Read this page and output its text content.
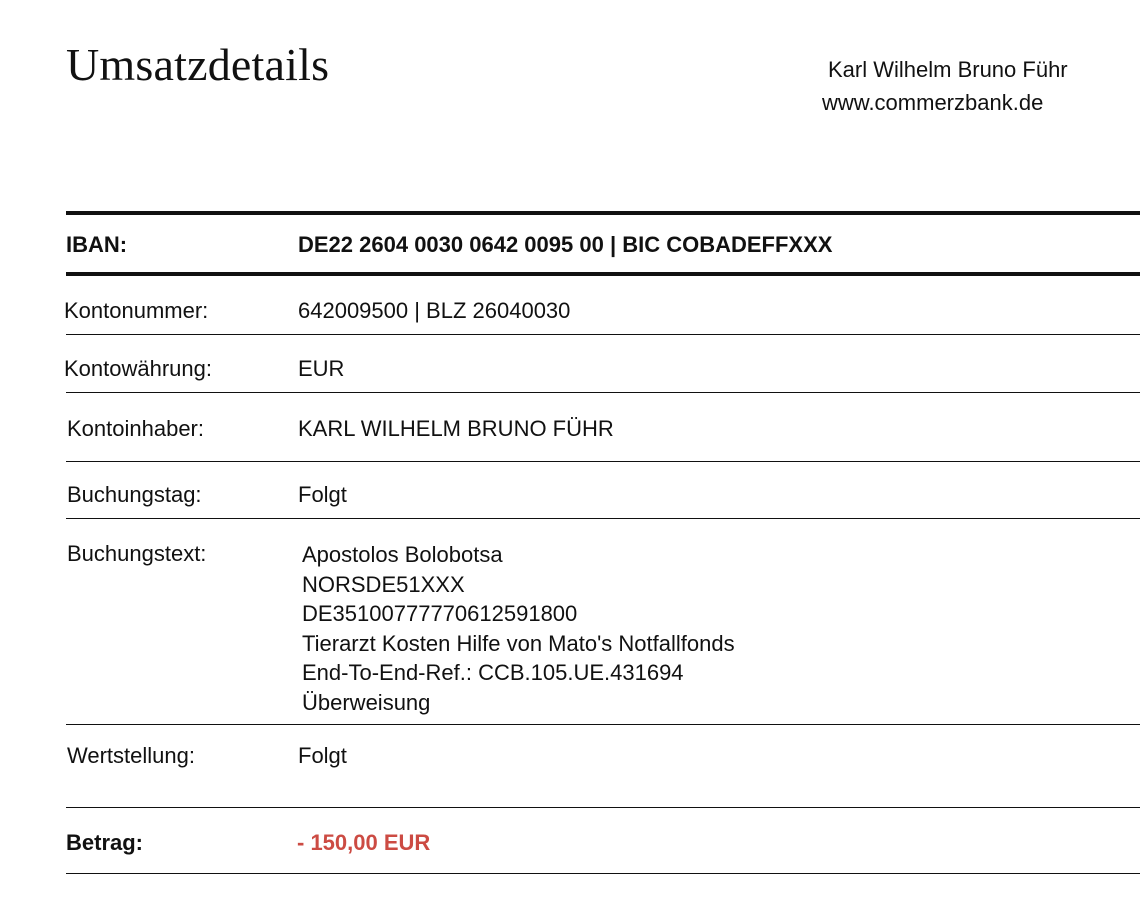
Umsatzdetails	Karl Wilhelm Bruno Führ
www.commerzbank.de
IBAN:	DE22 2604 0030 0642 0095 00 | BIC COBADEFFXXX
Kontonummer:	642009500 | BLZ 26040030
Kontowährung:	EUR
Kontoinhaber:	KARL WILHELM BRUNO FÜHR
Buchungstag:	Folgt
Buchungstext:	Apostolos Bolobotsa
NORSDE51XXX
DE35100777770612591800
Tierarzt Kosten Hilfe von Mato's Notfallfonds
End-To-End-Ref.: CCB.105.UE.431694
Überweisung
Wertstellung:	Folgt
Betrag:	- 150,00 EUR
